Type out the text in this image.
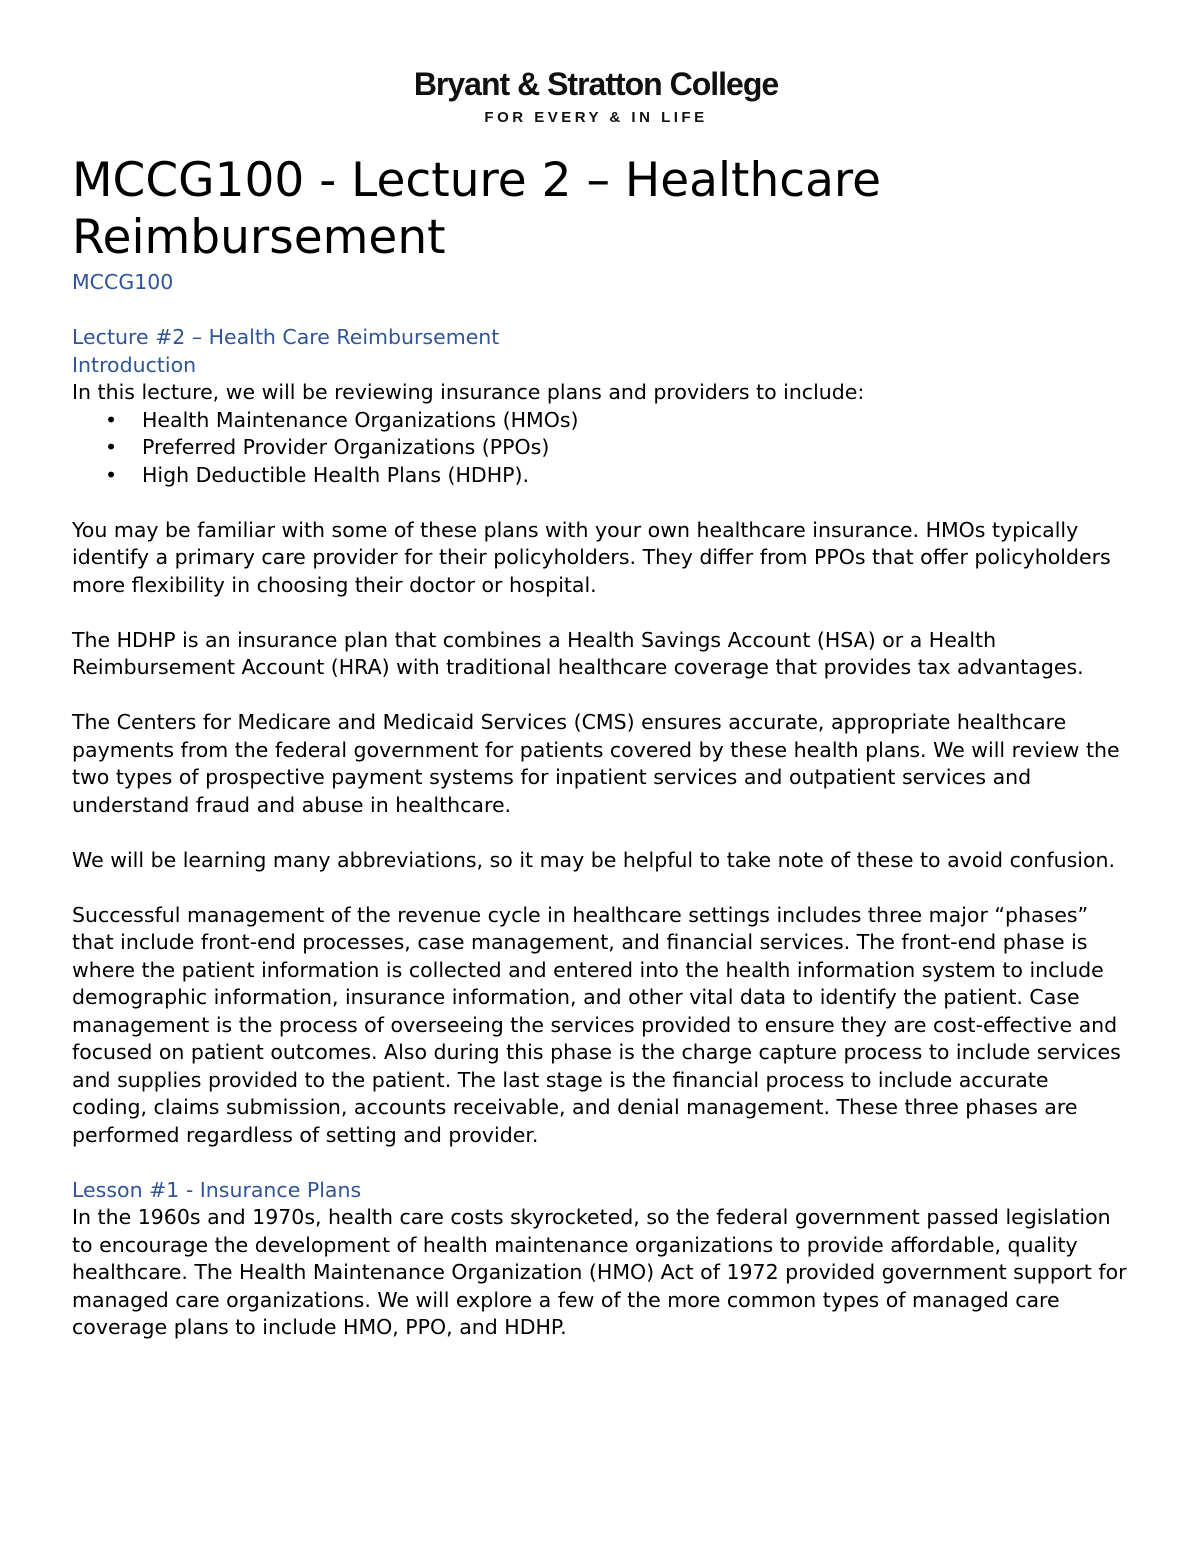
Bryant & Stratton College
FOR EVERY & IN LIFE
MCCG100 - Lecture 2 – Healthcare Reimbursement

MCCG100

Lecture #2 – Health Care Reimbursement

Introduction

In this lecture, we will be reviewing insurance plans and providers to include:

• Health Maintenance Organizations (HMOs)
• Preferred Provider Organizations (PPOs)
• High Deductible Health Plans (HDHP).

You may be familiar with some of these plans with your own healthcare insurance. HMOs typically identify a primary care provider for their policyholders. They differ from PPOs that offer policyholders more flexibility in choosing their doctor or hospital.

The HDHP is an insurance plan that combines a Health Savings Account (HSA) or a Health Reimbursement Account (HRA) with traditional healthcare coverage that provides tax advantages.

The Centers for Medicare and Medicaid Services (CMS) ensures accurate, appropriate healthcare payments from the federal government for patients covered by these health plans. We will review the two types of prospective payment systems for inpatient services and outpatient services and understand fraud and abuse in healthcare.

We will be learning many abbreviations, so it may be helpful to take note of these to avoid confusion.

Successful management of the revenue cycle in healthcare settings includes three major “phases” that include front-end processes, case management, and financial services. The front-end phase is where the patient information is collected and entered into the health information system to include demographic information, insurance information, and other vital data to identify the patient. Case management is the process of overseeing the services provided to ensure they are cost-effective and focused on patient outcomes. Also during this phase is the charge capture process to include services and supplies provided to the patient. The last stage is the financial process to include accurate coding, claims submission, accounts receivable, and denial management. These three phases are performed regardless of setting and provider.

Lesson #1 - Insurance Plans

In the 1960s and 1970s, health care costs skyrocketed, so the federal government passed legislation to encourage the development of health maintenance organizations to provide affordable, quality healthcare. The Health Maintenance Organization (HMO) Act of 1972 provided government support for managed care organizations. We will explore a few of the more common types of managed care coverage plans to include HMO, PPO, and HDHP.
